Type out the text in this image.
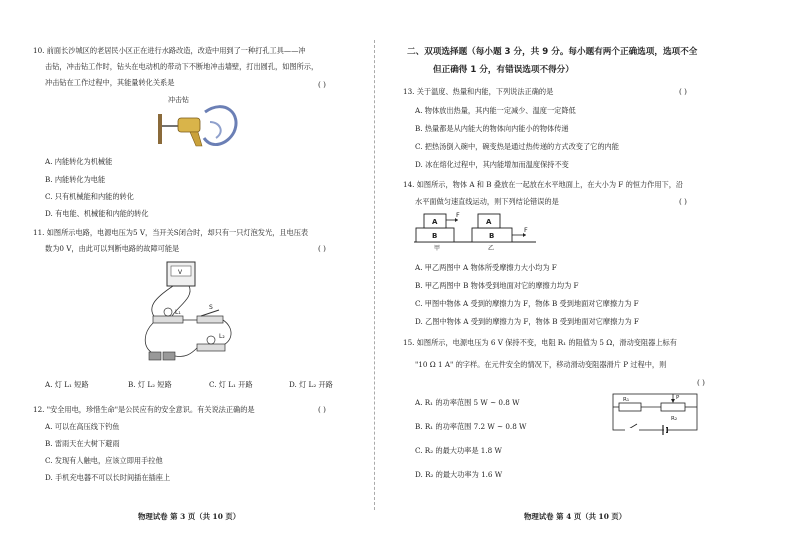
10. 前面长沙城区的老居民小区正在进行水路改造，改造中用到了一种打孔工具——冲
击钻，冲击钻工作时，钻头在电动机的带动下不断地冲击墙壁，打出圆孔，如图所示，
冲击钻在工作过程中，其能量转化关系是	( )
冲击钻
A. 内能转化为机械能
B. 内能转化为电能
C. 只有机械能和内能的转化
D. 有电能、机械能和内能的转化
11. 如图所示电路，电源电压为5 V，当开关S闭合时，却只有一只灯泡发光，且电压表
数为0 V，由此可以判断电路的故障可能是	( )
V
L₁
S
L₂
A. 灯 L₁ 短路	B. 灯 L₂ 短路	C. 灯 L₁ 开路	D. 灯 L₂ 开路
12. "安全用电，珍惜生命"是公民应有的安全意识。有关说法正确的是	( )
A. 可以在高压线下钓鱼
B. 雷雨天在大树下避雨
C. 发现有人触电，应该立即用手拉他
D. 手机充电器不可以长时间插在插座上
物理试卷 第 3 页（共 10 页）
二、双项选择题（每小题 3 分，共 9 分。每小题有两个正确选项，选项不全
但正确得 1 分，有错误选项不得分）
13. 关于温度、热量和内能，下列说法正确的是	( )
A. 物体放出热量，其内能一定减少、温度一定降低
B. 热量都是从内能大的物体向内能小的物体传递
C. 把热汤倒入碗中，碗变热是通过热传递的方式改变了它的内能
D. 冰在熔化过程中，其内能增加而温度保持不变
14. 如图所示，物体 A 和 B 叠放在一起放在水平地面上，在大小为 F 的恒力作用下，沿
水平面做匀速直线运动，则下列结论错误的是	( )
B
A
F
甲
B
A
F
乙
A. 甲乙两图中 A 物体所受摩擦力大小均为 F
B. 甲乙两图中 B 物体受到地面对它的摩擦力均为 F
C. 甲图中物体 A 受到的摩擦力为 F，物体 B 受到地面对它摩擦力为 F
D. 乙图中物体 A 受到的摩擦力为 F，物体 B 受到地面对它摩擦力为 F
15. 如图所示，电源电压为 6 V 保持不变，电阻 R₁ 的阻值为 5 Ω，滑动变阻器上标有
"10 Ω 1 A" 的字样。在元件安全的情况下，移动滑动变阻器滑片 P 过程中，则
( )
R₁
R₂
P
A. R₁ 的功率范围 5 W ~ 0.8 W
B. R₁ 的功率范围 7.2 W ~ 0.8 W
C. R₂ 的最大功率是 1.8 W
D. R₂ 的最大功率为 1.6 W
物理试卷 第 4 页（共 10 页）
